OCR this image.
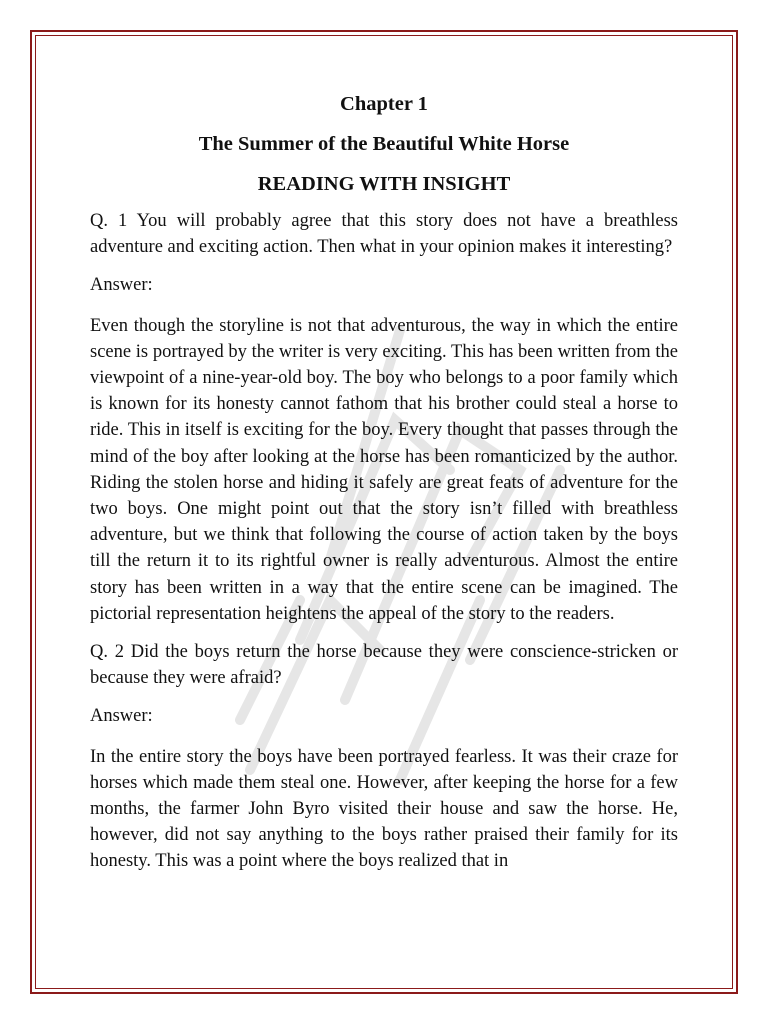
Chapter 1
The Summer of the Beautiful White Horse
READING WITH INSIGHT

Q. 1 You will probably agree that this story does not have a breathless adventure and exciting action. Then what in your opinion makes it interesting?

Answer:

Even though the storyline is not that adventurous, the way in which the entire scene is portrayed by the writer is very exciting. This has been written from the viewpoint of a nine-year-old boy. The boy who belongs to a poor family which is known for its honesty cannot fathom that his brother could steal a horse to ride. This in itself is exciting for the boy. Every thought that passes through the mind of the boy after looking at the horse has been romanticized by the author. Riding the stolen horse and hiding it safely are great feats of adventure for the two boys. One might point out that the story isn’t filled with breathless adventure, but we think that following the course of action taken by the boys till the return it to its rightful owner is really adventurous. Almost the entire story has been written in a way that the entire scene can be imagined. The pictorial representation heightens the appeal of the story to the readers.

Q. 2 Did the boys return the horse because they were conscience-stricken or because they were afraid?

Answer:

In the entire story the boys have been portrayed fearless. It was their craze for horses which made them steal one. However, after keeping the horse for a few months, the farmer John Byro visited their house and saw the horse. He, however, did not say anything to the boys rather praised their family for its honesty. This was a point where the boys realized that in
